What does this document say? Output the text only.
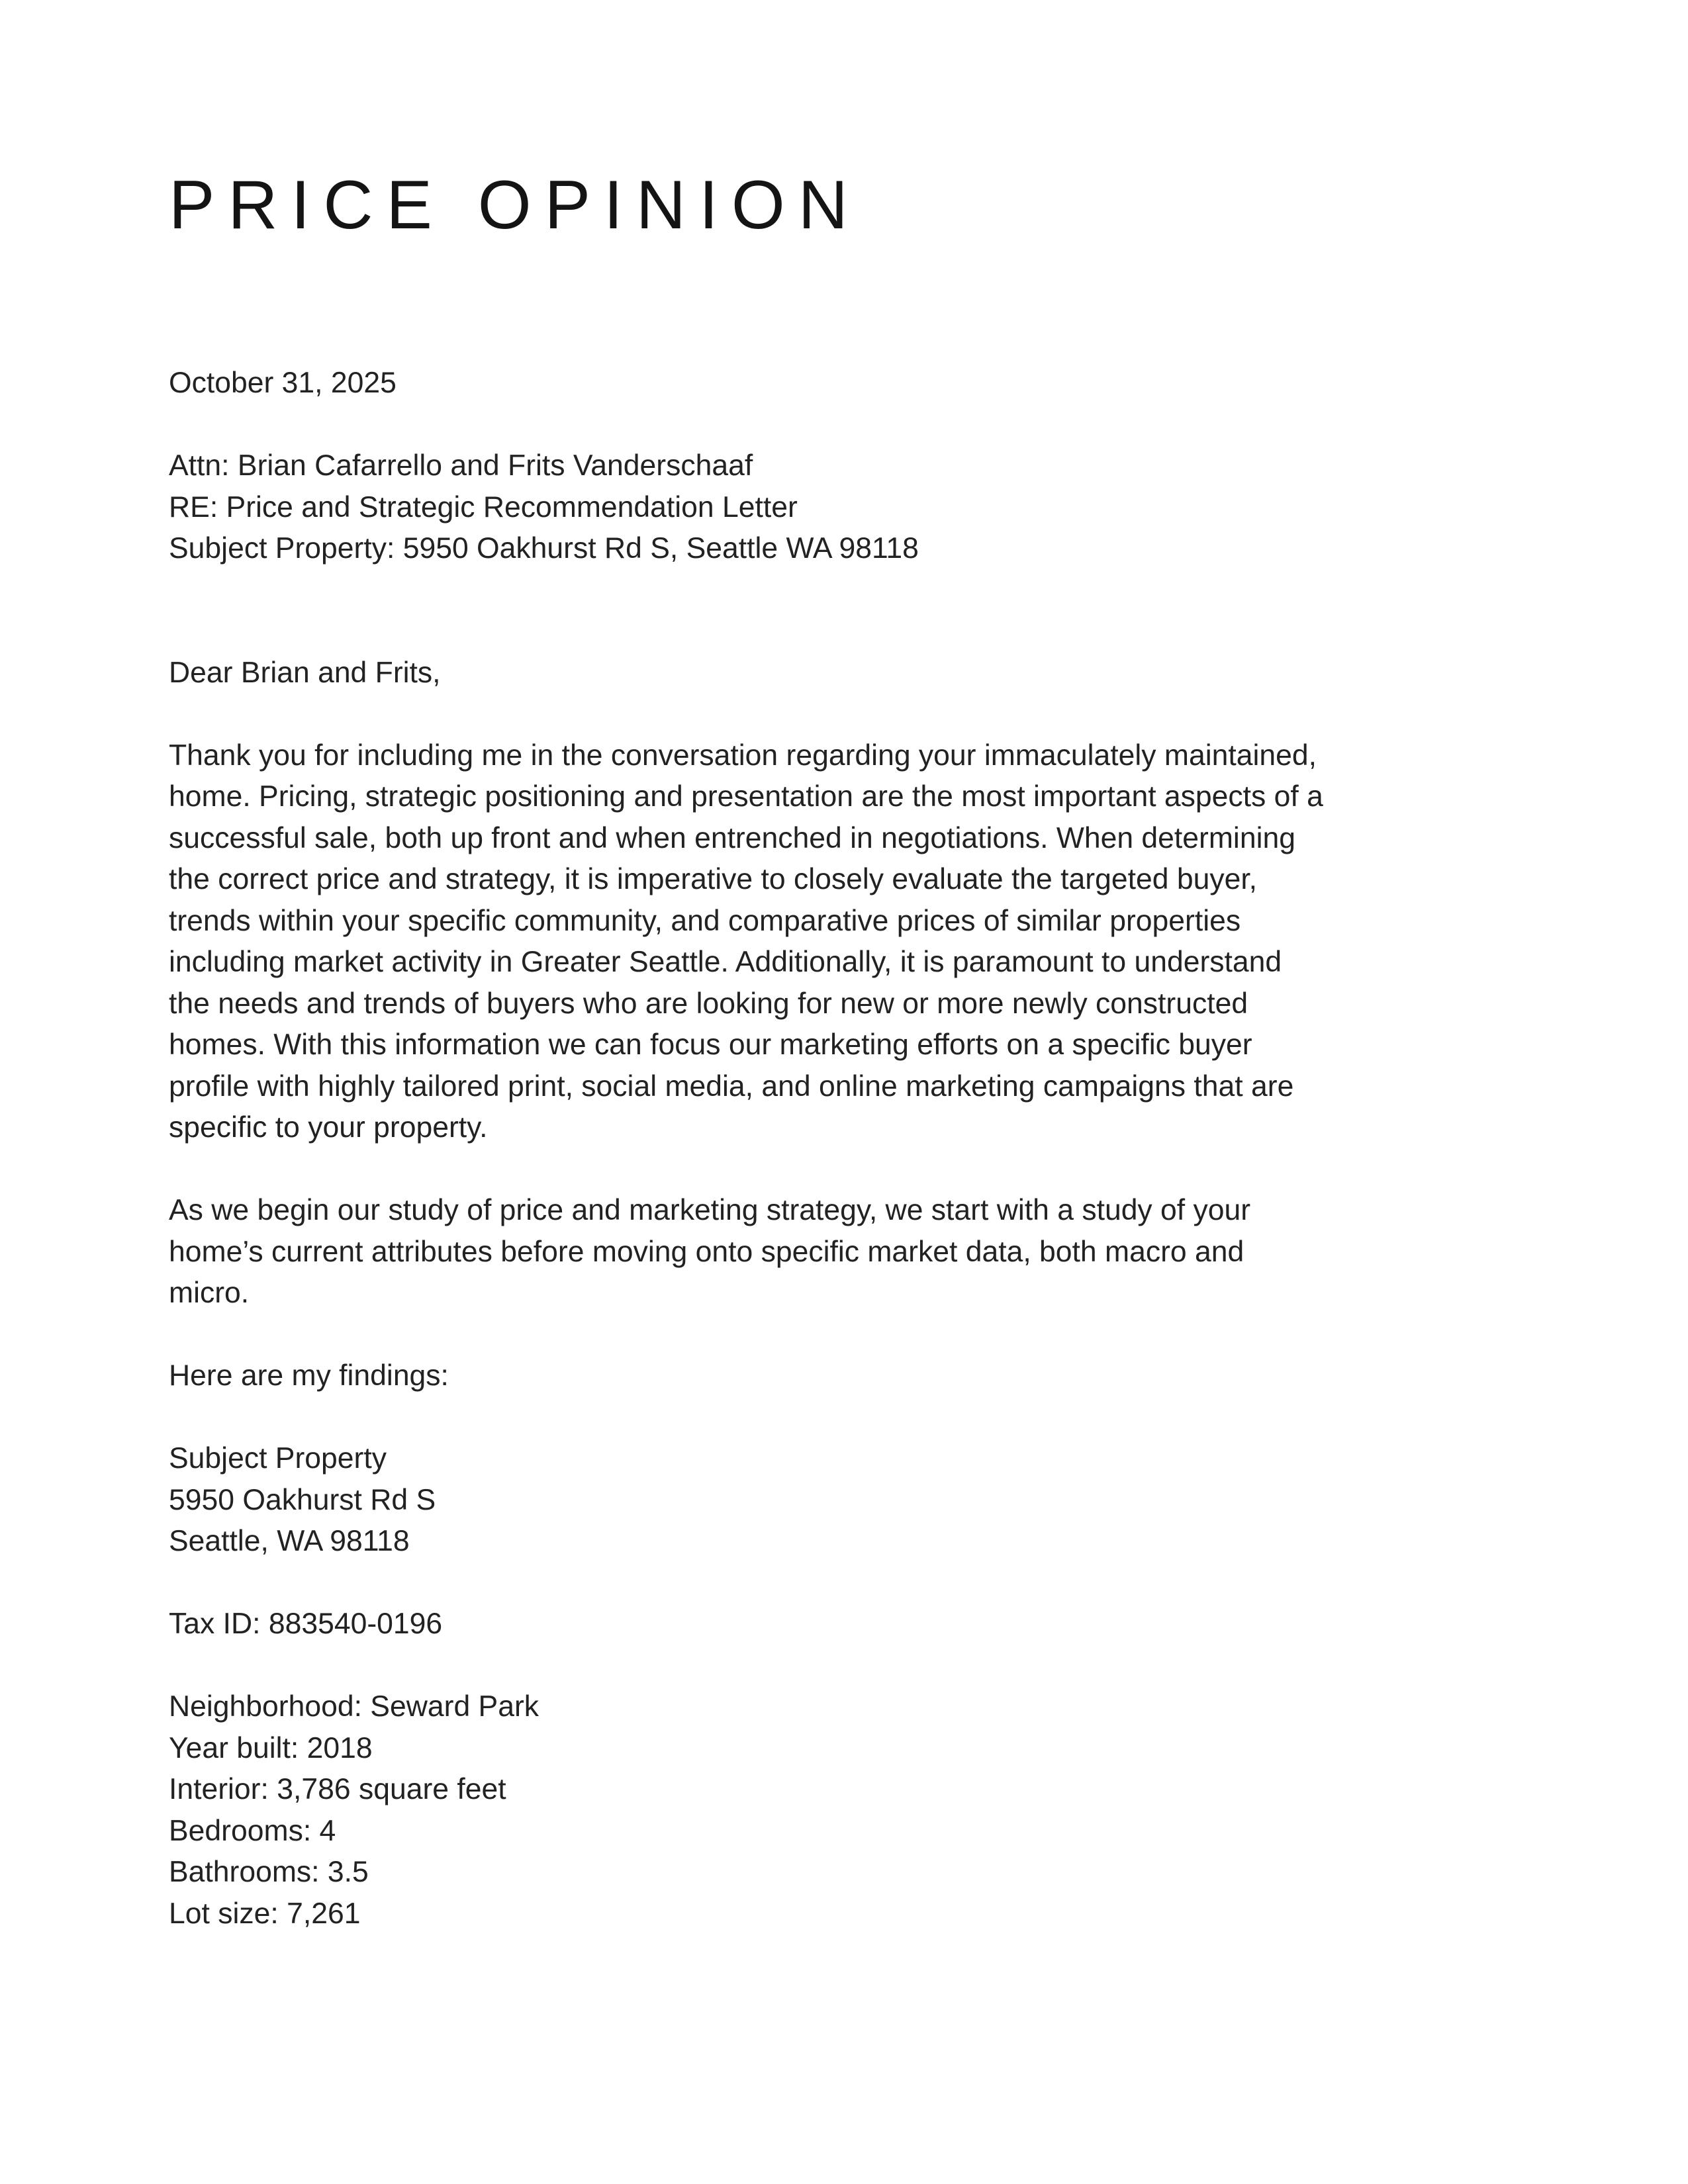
PRICE OPINION
October 31, 2025
Attn: Brian Cafarrello and Frits Vanderschaaf
RE: Price and Strategic Recommendation Letter
Subject Property: 5950 Oakhurst Rd S, Seattle WA 98118
Dear Brian and Frits,
Thank you for including me in the conversation regarding your immaculately maintained,
home. Pricing, strategic positioning and presentation are the most important aspects of a
successful sale, both up front and when entrenched in negotiations. When determining
the correct price and strategy, it is imperative to closely evaluate the targeted buyer,
trends within your specific community, and comparative prices of similar properties
including market activity in Greater Seattle. Additionally, it is paramount to understand
the needs and trends of buyers who are looking for new or more newly constructed
homes. With this information we can focus our marketing efforts on a specific buyer
profile with highly tailored print, social media, and online marketing campaigns that are
specific to your property.
As we begin our study of price and marketing strategy, we start with a study of your
home’s current attributes before moving onto specific market data, both macro and
micro.
Here are my findings:
Subject Property
5950 Oakhurst Rd S
Seattle, WA 98118
Tax ID: 883540-0196
Neighborhood: Seward Park
Year built: 2018
Interior: 3,786 square feet
Bedrooms: 4
Bathrooms: 3.5
Lot size: 7,261
